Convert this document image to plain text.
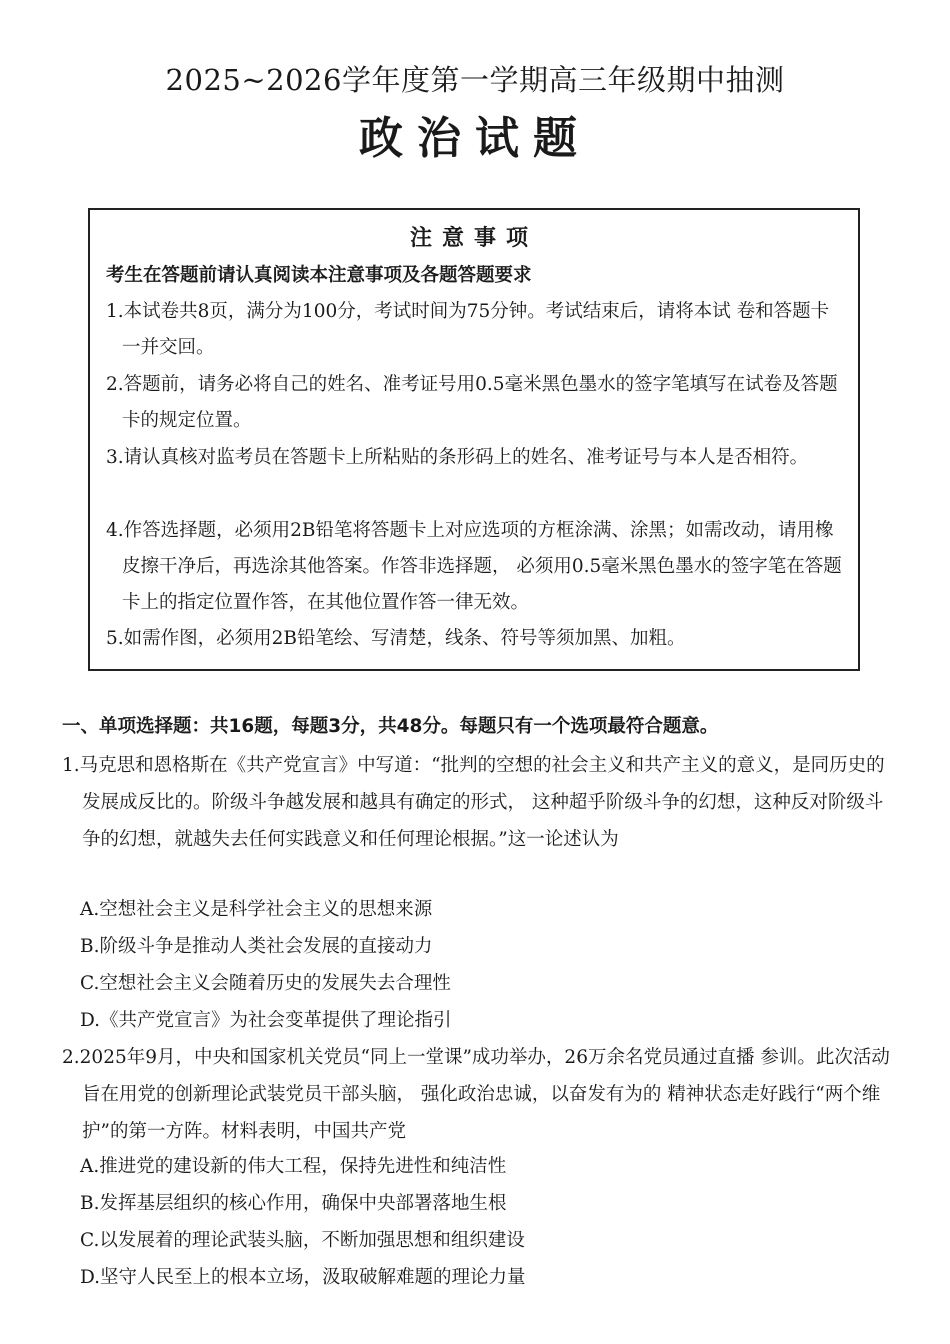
2025~2026学年度第一学期高三年级期中抽测
政治试题
注意事项
考生在答题前请认真阅读本注意事项及各题答题要求
1.本试卷共8页，满分为100分，考试时间为75分钟。考试结束后，请将本试 卷和答题卡一并交回。
2.答题前，请务必将自己的姓名、准考证号用0.5毫米黑色墨水的签字笔填写在试卷及答题卡的规定位置。
3.请认真核对监考员在答题卡上所粘贴的条形码上的姓名、准考证号与本人是否相符。
4.作答选择题，必须用2B铅笔将答题卡上对应选项的方框涂满、涂黑；如需改动，请用橡皮擦干净后，再选涂其他答案。作答非选择题， 必须用0.5毫米黑色墨水的签字笔在答题卡上的指定位置作答，在其他位置作答一律无效。
5.如需作图，必须用2B铅笔绘、写清楚，线条、符号等须加黑、加粗。
一、单项选择题：共16题，每题3分，共48分。每题只有一个选项最符合题意。
1.马克思和恩格斯在《共产党宣言》中写道：“批判的空想的社会主义和共产主义的意义，是同历史的发展成反比的。阶级斗争越发展和越具有确定的形式， 这种超乎阶级斗争的幻想，这种反对阶级斗争的幻想，就越失去任何实践意义和任何理论根据。”这一论述认为
A.空想社会主义是科学社会主义的思想来源
B.阶级斗争是推动人类社会发展的直接动力
C.空想社会主义会随着历史的发展失去合理性
D.《共产党宣言》为社会变革提供了理论指引
2.2025年9月，中央和国家机关党员“同上一堂课”成功举办，26万余名党员通过直播 参训。此次活动旨在用党的创新理论武装党员干部头脑， 强化政治忠诚，以奋发有为的 精神状态走好践行“两个维护”的第一方阵。材料表明，中国共产党
A.推进党的建设新的伟大工程，保持先进性和纯洁性
B.发挥基层组织的核心作用，确保中央部署落地生根
C.以发展着的理论武装头脑，不断加强思想和组织建设
D.坚守人民至上的根本立场，汲取破解难题的理论力量
